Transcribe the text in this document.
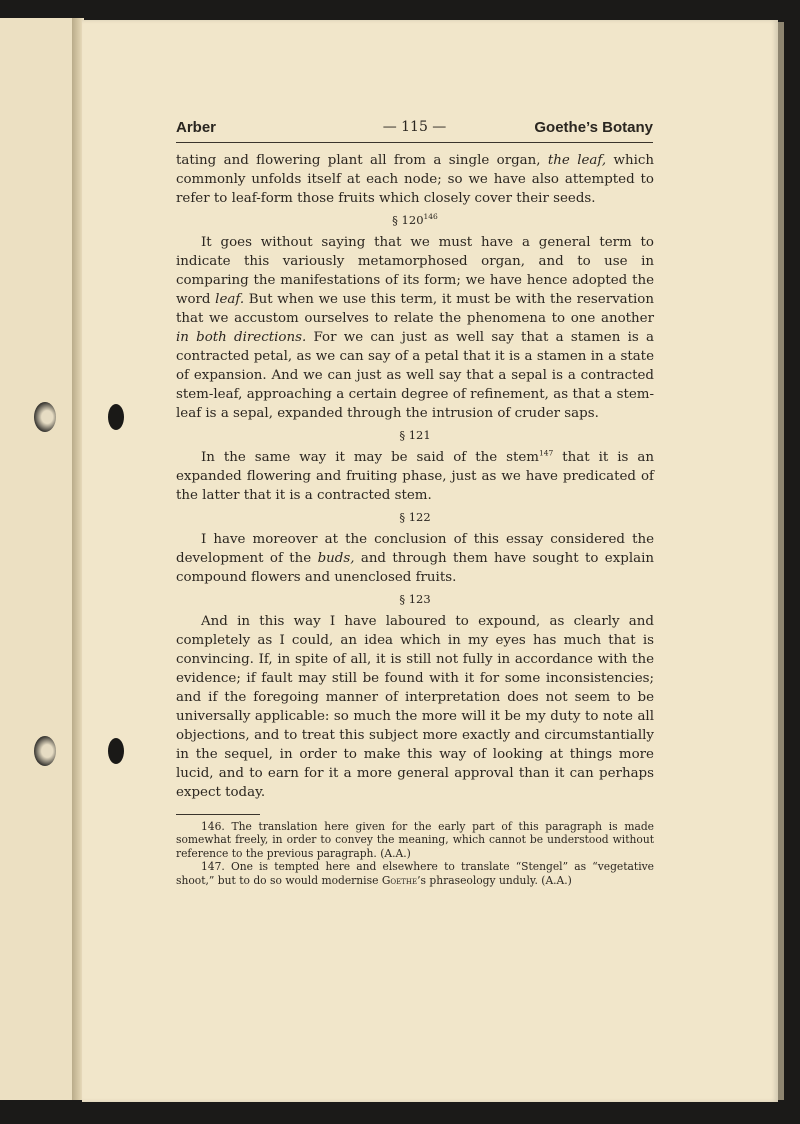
Arber	— 115 —	Goethe’s Botany

tating and flowering plant all from a single organ, the leaf, which commonly unfolds itself at each node; so we have also attempted to refer to leaf-form those fruits which closely cover their seeds.

§ $120^{146}$

It goes without saying that we must have a general term to indicate this variously metamorphosed organ, and to use in comparing the manifestations of its form; we have hence adopted the word leaf. But when we use this term, it must be with the reservation that we accustom ourselves to relate the phenomena to one another in both directions. For we can just as well say that a stamen is a contracted petal, as we can say of a petal that it is a stamen in a state of expansion. And we can just as well say that a sepal is a contracted stem-leaf, approaching a certain degree of refinement, as that a stem-leaf is a sepal, expanded through the intrusion of cruder saps.

§ 121

In the same way it may be said of the stem$^{147}$ that it is an expanded flowering and fruiting phase, just as we have predicated of the latter that it is a contracted stem.

§ 122

I have moreover at the conclusion of this essay considered the development of the buds, and through them have sought to explain compound flowers and unenclosed fruits.

§ 123

And in this way I have laboured to expound, as clearly and completely as I could, an idea which in my eyes has much that is convincing. If, in spite of all, it is still not fully in accordance with the evidence; if fault may still be found with it for some inconsistencies; and if the foregoing manner of interpretation does not seem to be universally applicable: so much the more will it be my duty to note all objections, and to treat this subject more exactly and circumstantially in the sequel, in order to make this way of looking at things more lucid, and to earn for it a more general approval than it can perhaps expect today.

146. The translation here given for the early part of this paragraph is made somewhat freely, in order to convey the meaning, which cannot be understood without reference to the previous paragraph. (A.A.)

147. One is tempted here and elsewhere to translate “Stengel” as “vegetative shoot,” but to do so would modernise Goethe’s phraseology unduly. (A.A.)
